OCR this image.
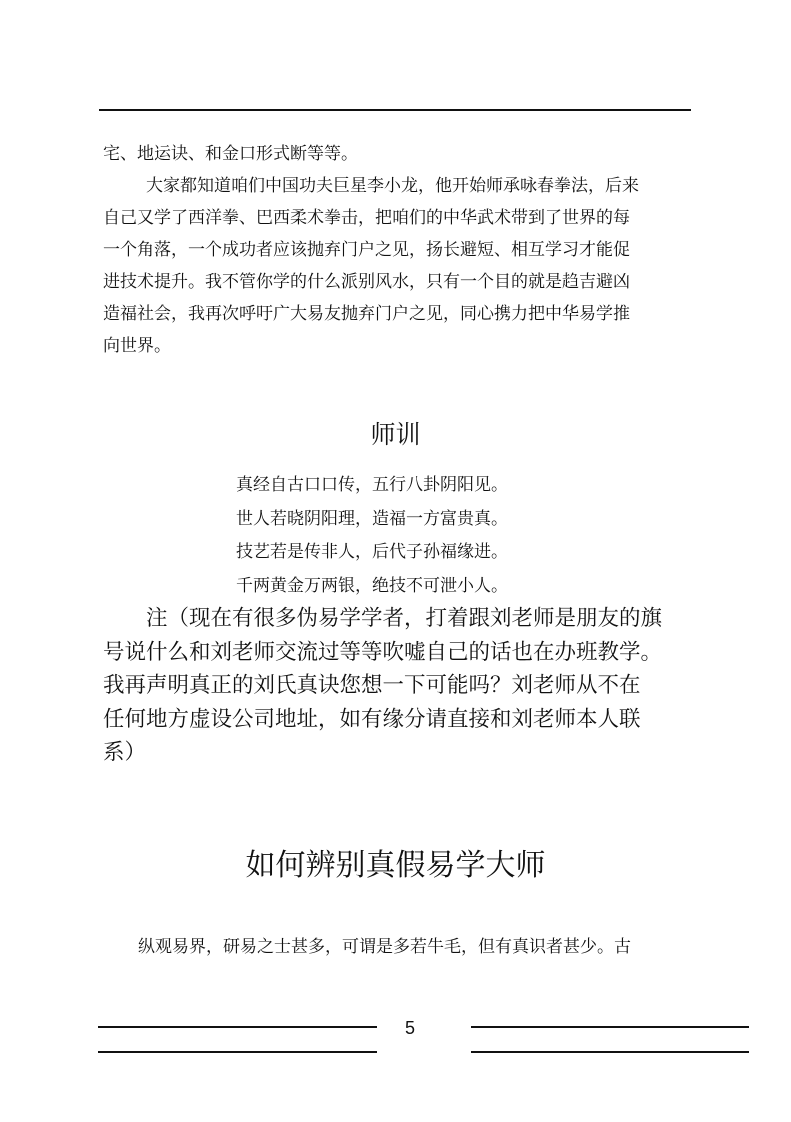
宅、地运诀、和金口形式断等等。
大家都知道咱们中国功夫巨星李小龙，他开始师承咏春拳法，后来
自己又学了西洋拳、巴西柔术拳击，把咱们的中华武术带到了世界的每
一个角落，一个成功者应该抛弃门户之见，扬长避短、相互学习才能促
进技术提升。我不管你学的什么派别风水，只有一个目的就是趋吉避凶
造福社会，我再次呼吁广大易友抛弃门户之见，同心携力把中华易学推
向世界。
师训
真经自古口口传，五行八卦阴阳见。
世人若晓阴阳理，造福一方富贵真。
技艺若是传非人，后代子孙福缘进。
千两黄金万两银，绝技不可泄小人。
注（现在有很多伪易学学者，打着跟刘老师是朋友的旗
号说什么和刘老师交流过等等吹嘘自己的话也在办班教学。
我再声明真正的刘氏真诀您想一下可能吗？刘老师从不在
任何地方虚设公司地址，如有缘分请直接和刘老师本人联
系）
如何辨别真假易学大师
纵观易界，研易之士甚多，可谓是多若牛毛，但有真识者甚少。古
5
